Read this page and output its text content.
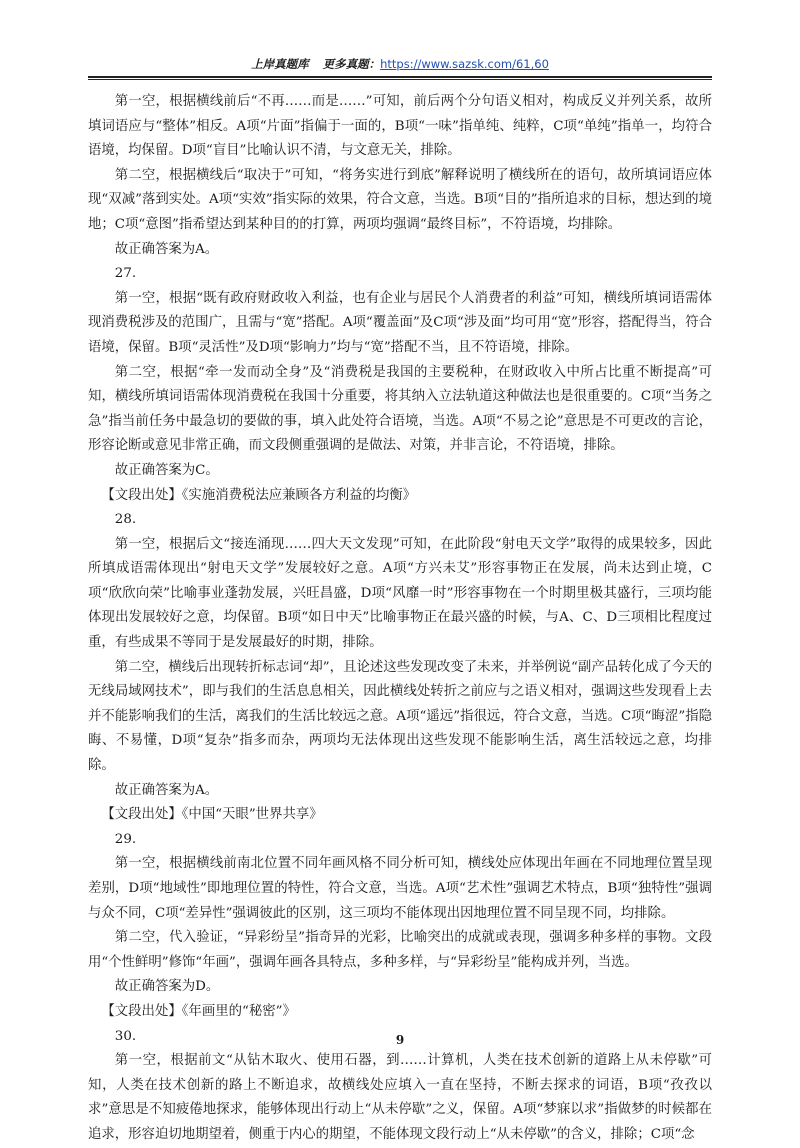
上岸真题库 更多真题：https://www.sazsk.com/61,60

第一空，根据横线前后“不再……而是……”可知，前后两个分句语义相对，构成反义并列关系，故所填词语应与“整体”相反。A项“片面”指偏于一面的，B项“一味”指单纯、纯粹，C项“单纯”指单一，均符合语境，均保留。D项“盲目”比喻认识不清，与文意无关，排除。

第二空，根据横线后“取决于”可知，“将务实进行到底”解释说明了横线所在的语句，故所填词语应体现“双减”落到实处。A项“实效”指实际的效果，符合文意，当选。B项“目的”指所追求的目标，想达到的境地；C项“意图”指希望达到某种目的的打算，两项均强调“最终目标”，不符语境，均排除。

故正确答案为A。

27.

第一空，根据“既有政府财政收入利益，也有企业与居民个人消费者的利益”可知，横线所填词语需体现消费税涉及的范围广，且需与“宽”搭配。A项“覆盖面”及C项“涉及面”均可用“宽”形容，搭配得当，符合语境，保留。B项“灵活性”及D项“影响力”均与“宽”搭配不当，且不符语境，排除。

第二空，根据“牵一发而动全身”及“消费税是我国的主要税种，在财政收入中所占比重不断提高”可知，横线所填词语需体现消费税在我国十分重要，将其纳入立法轨道这种做法也是很重要的。C项“当务之急”指当前任务中最急切的要做的事，填入此处符合语境，当选。A项“不易之论”意思是不可更改的言论，形容论断或意见非常正确，而文段侧重强调的是做法、对策，并非言论，不符语境，排除。

故正确答案为C。

【文段出处】《实施消费税法应兼顾各方利益的均衡》

28.

第一空，根据后文“接连涌现……四大天文发现”可知，在此阶段“射电天文学”取得的成果较多，因此所填成语需体现出“射电天文学”发展较好之意。A项“方兴未艾”形容事物正在发展，尚未达到止境，C项“欣欣向荣”比喻事业蓬勃发展，兴旺昌盛，D项“风靡一时”形容事物在一个时期里极其盛行，三项均能体现出发展较好之意，均保留。B项“如日中天”比喻事物正在最兴盛的时候，与A、C、D三项相比程度过重，有些成果不等同于是发展最好的时期，排除。

第二空，横线后出现转折标志词“却”，且论述这些发现改变了未来，并举例说“副产品转化成了今天的无线局域网技术”，即与我们的生活息息相关，因此横线处转折之前应与之语义相对，强调这些发现看上去并不能影响我们的生活，离我们的生活比较远之意。A项“遥远”指很远，符合文意，当选。C项“晦涩”指隐晦、不易懂，D项“复杂”指多而杂，两项均无法体现出这些发现不能影响生活，离生活较远之意，均排除。

故正确答案为A。

【文段出处】《中国“天眼”世界共享》

29.

第一空，根据横线前南北位置不同年画风格不同分析可知，横线处应体现出年画在不同地理位置呈现差别，D项“地域性”即地理位置的特性，符合文意，当选。A项“艺术性”强调艺术特点，B项“独特性”强调与众不同，C项“差异性”强调彼此的区别，这三项均不能体现出因地理位置不同呈现不同，均排除。

第二空，代入验证，“异彩纷呈”指奇异的光彩，比喻突出的成就或表现，强调多种多样的事物。文段用“个性鲜明”修饰“年画”，强调年画各具特点，多种多样，与“异彩纷呈”能构成并列，当选。

故正确答案为D。

【文段出处】《年画里的“秘密”》

30.

第一空，根据前文“从钻木取火、使用石器，到……计算机，人类在技术创新的道路上从未停歇”可知，人类在技术创新的路上不断追求，故横线处应填入一直在坚持，不断去探求的词语，B项“孜孜以求”意思是不知疲倦地探求，能够体现出行动上“从未停歇”之义，保留。A项“梦寐以求”指做梦的时候都在追求，形容迫切地期望着，侧重于内心的期望，不能体现文段行动上“从未停歇”的含义，排除；C项“念

9
